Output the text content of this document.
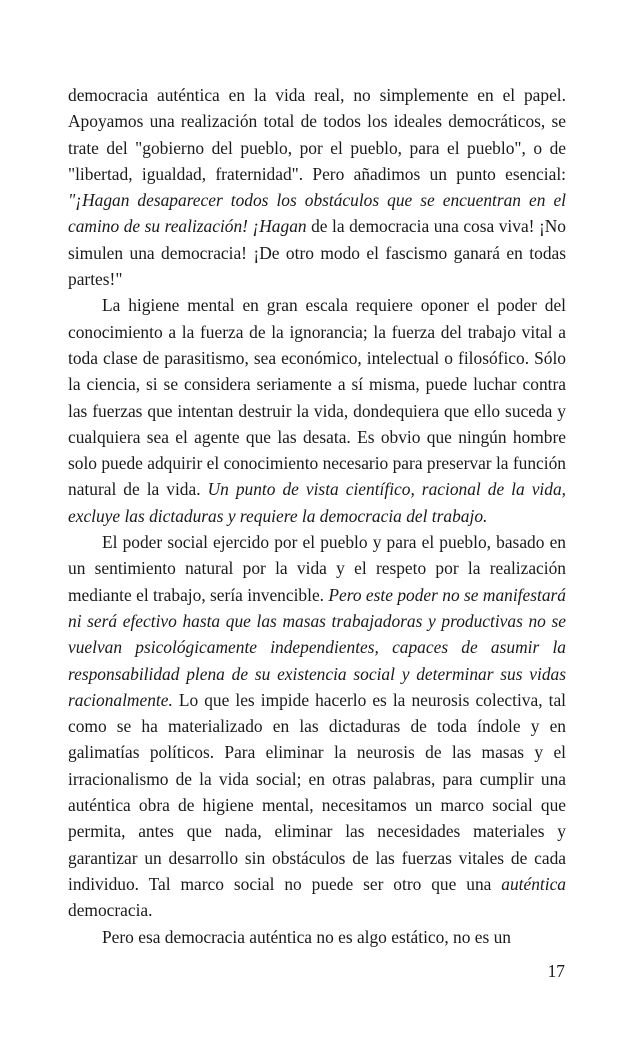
democracia auténtica en la vida real, no simplemente en el papel. Apoyamos una realización total de todos los ideales democráticos, se trate del "gobierno del pueblo, por el pueblo, para el pueblo", o de "libertad, igualdad, fraternidad". Pero añadimos un punto esencial: "¡Hagan desaparecer todos los obstáculos que se encuentran en el camino de su realización! ¡Hagan de la democracia una cosa viva! ¡No simulen una democracia! ¡De otro modo el fascismo ganará en todas partes!"

La higiene mental en gran escala requiere oponer el poder del conocimiento a la fuerza de la ignorancia; la fuerza del trabajo vital a toda clase de parasitismo, sea económico, intelectual o filosófico. Sólo la ciencia, si se considera seriamente a sí misma, puede luchar contra las fuerzas que intentan destruir la vida, dondequiera que ello suceda y cualquiera sea el agente que las desata. Es obvio que ningún hombre solo puede adquirir el conocimiento necesario para preservar la función natural de la vida. Un punto de vista científico, racional de la vida, excluye las dictaduras y requiere la democracia del trabajo.

El poder social ejercido por el pueblo y para el pueblo, basado en un sentimiento natural por la vida y el respeto por la realización mediante el trabajo, sería invencible. Pero este poder no se manifestará ni será efectivo hasta que las masas trabajadoras y productivas no se vuelvan psicológicamente independientes, capaces de asumir la responsabilidad plena de su existencia social y determinar sus vidas racionalmente. Lo que les impide hacerlo es la neurosis colectiva, tal como se ha materializado en las dictaduras de toda índole y en galimatías políticos. Para eliminar la neurosis de las masas y el irracionalismo de la vida social; en otras palabras, para cumplir una auténtica obra de higiene mental, necesitamos un marco social que permita, antes que nada, eliminar las necesidades materiales y garantizar un desarrollo sin obstáculos de las fuerzas vitales de cada individuo. Tal marco social no puede ser otro que una auténtica democracia.

Pero esa democracia auténtica no es algo estático, no es un

17
